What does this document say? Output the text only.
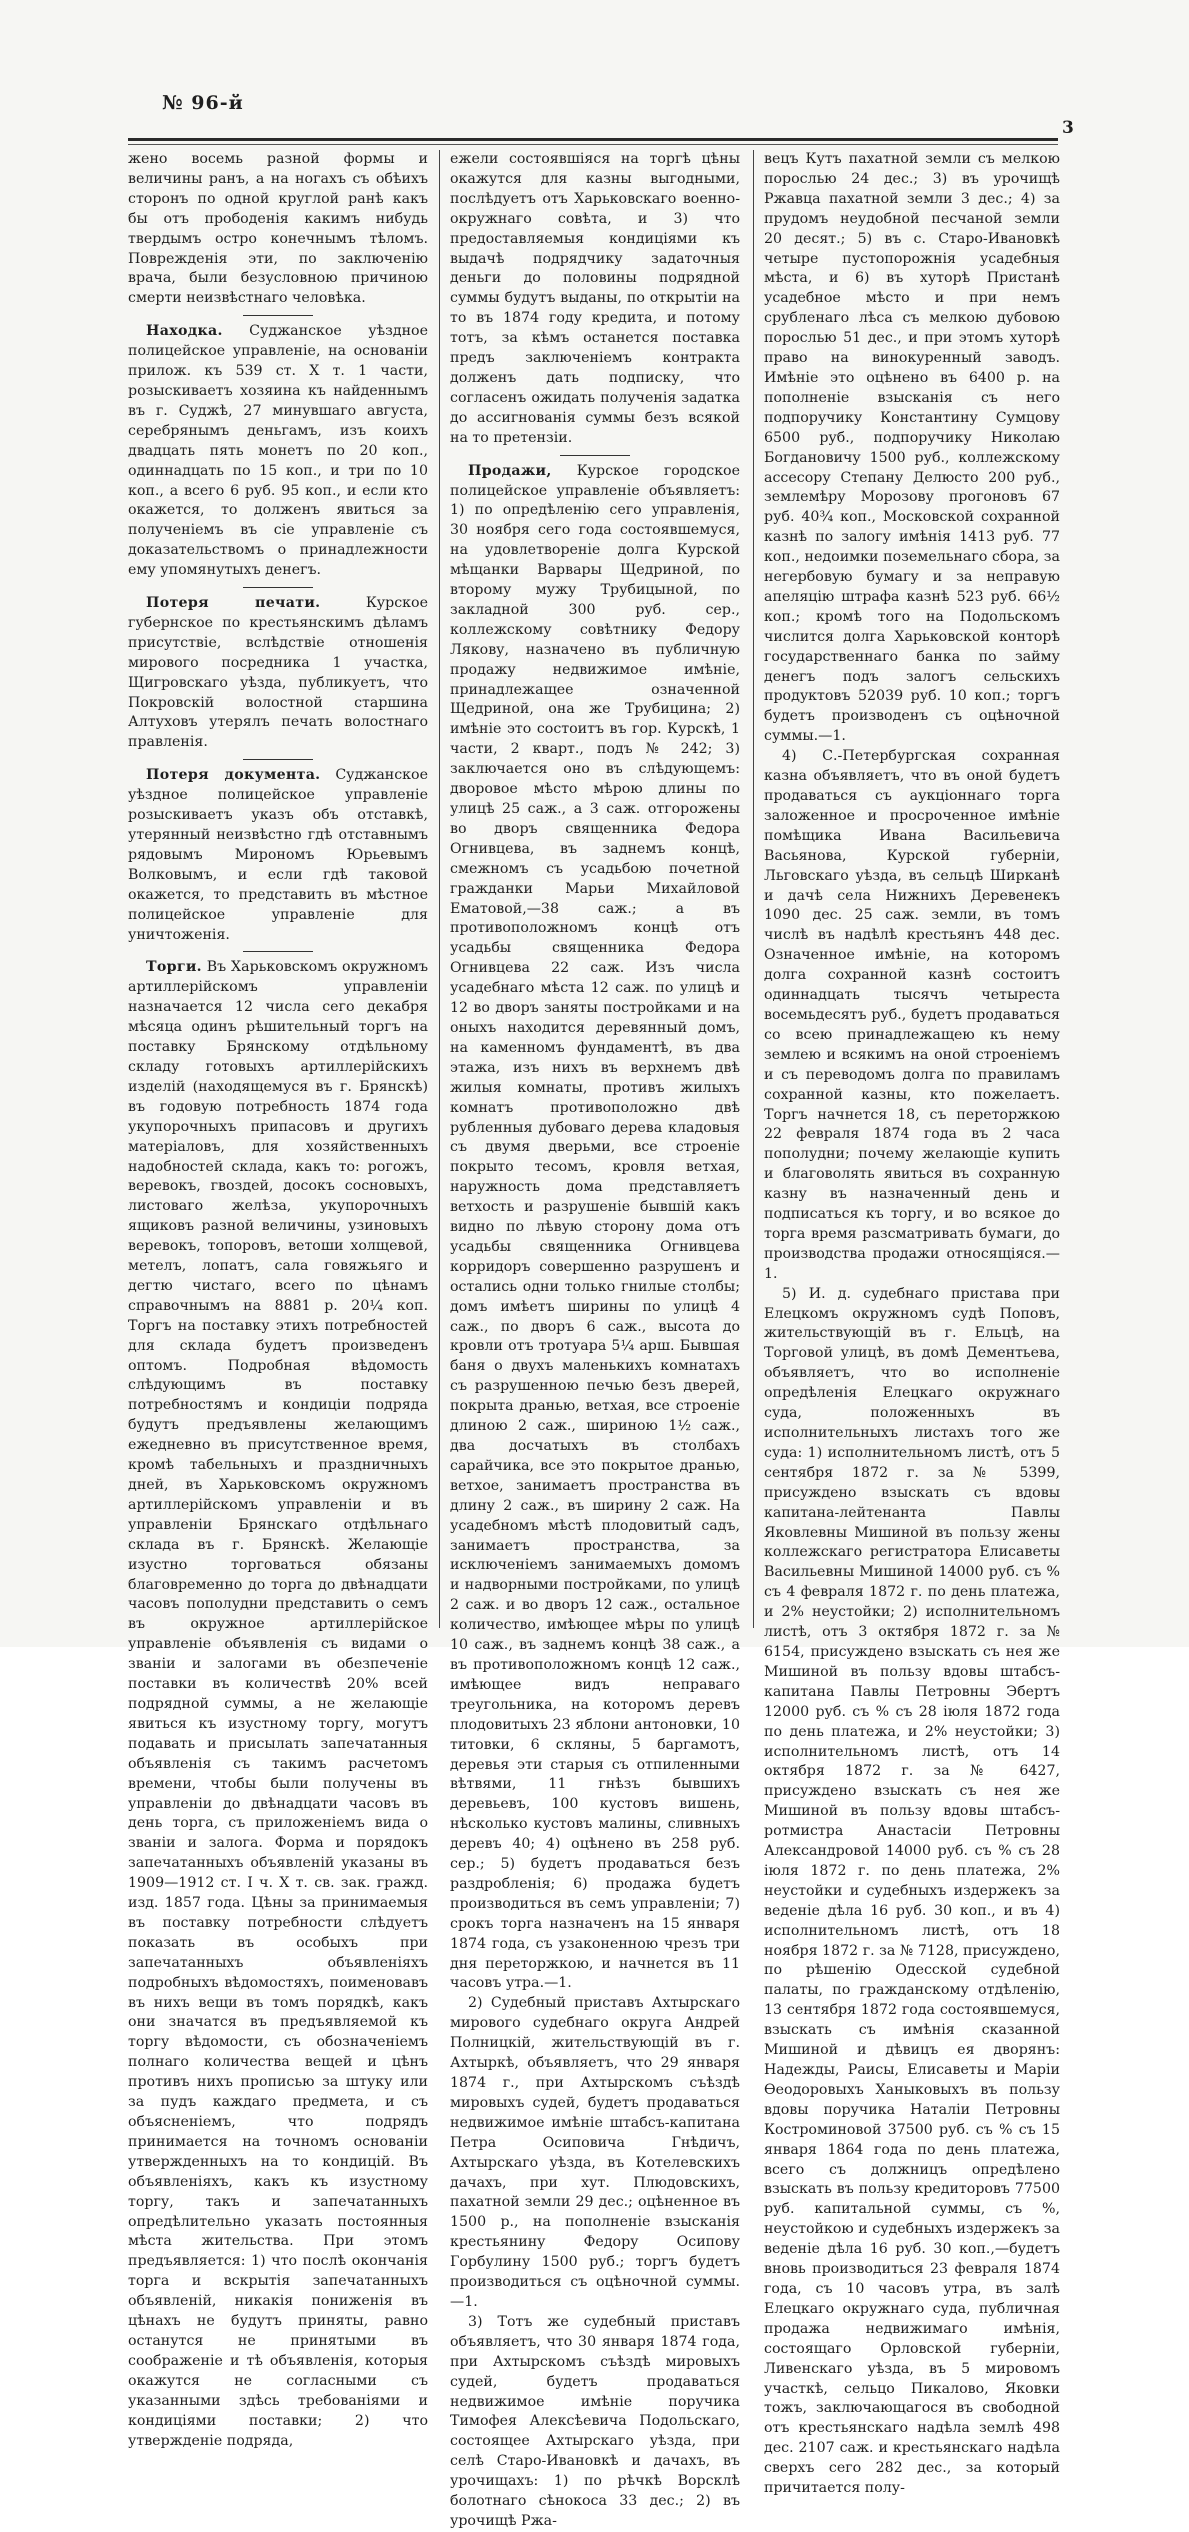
№ 96-й
3

жено восемь разной формы и величины ранъ, а на ногахъ съ обѣихъ сторонъ по одной круглой ранѣ какъ бы отъ прободенія какимъ нибудь твердымъ остро конечнымъ тѣломъ. Поврежденія эти, по заключенію врача, были безусловною причиною смерти неизвѣстнаго человѣка.

Находка. Суджанское уѣздное полицейское управленіе, на основаніи прилож. къ 539 ст. X т. 1 части, розыскиваетъ хозяина къ найденнымъ въ г. Суджѣ, 27 минувшаго августа, серебрянымъ деньгамъ, изъ коихъ двадцать пять монетъ по 20 коп., одиннадцать по 15 коп., и три по 10 коп., а всего 6 руб. 95 коп., и если кто окажется, то долженъ явиться за полученіемъ въ сіе управленіе съ доказательствомъ о принадлежности ему упомянутыхъ денегъ.

Потеря печати. Курское губернское по крестьянскимъ дѣламъ присутствіе, вслѣдствіе отношенія мирового посредника 1 участка, Щигровскаго уѣзда, публикуетъ, что Покровскій волостной старшина Алтуховъ утерялъ печать волостнаго правленія.

Потеря документа. Суджанское уѣздное полицейское управленіе розыскиваетъ указъ объ отставкѣ, утерянный неизвѣстно гдѣ отставнымъ рядовымъ Мирономъ Юрьевымъ Волковымъ, и если гдѣ таковой окажется, то представить въ мѣстное полицейское управленіе для уничтоженія.

Торги. Въ Харьковскомъ окружномъ артиллерійскомъ управленіи назначается 12 числа сего декабря мѣсяца одинъ рѣшительный торгъ на поставку Брянскому отдѣльному складу готовыхъ артиллерійскихъ изделій (находящемуся въ г. Брянскѣ) въ годовую потребность 1874 года укупорочныхъ припасовъ и другихъ матеріаловъ, для хозяйственныхъ надобностей склада, какъ то: рогожъ, веревокъ, гвоздей, досокъ сосновыхъ, листоваго желѣза, укупорочныхъ ящиковъ разной величины, узиновыхъ веревокъ, топоровъ, ветоши холщевой, метелъ, лопатъ, сала говяжьяго и дегтю чистаго, всего по цѣнамъ справочнымъ на 8881 р. 20¼ коп. Торгъ на поставку этихъ потребностей для склада будетъ произведенъ оптомъ. Подробная вѣдомость слѣдующимъ въ поставку потребностямъ и кондиціи подряда будутъ предъявлены желающимъ ежедневно въ присутственное время, кромѣ табельныхъ и праздничныхъ дней, въ Харьковскомъ окружномъ артиллерійскомъ управленіи и въ управленіи Брянскаго отдѣльнаго склада въ г. Брянскѣ. Желающіе изустно торговаться обязаны благовременно до торга до двѣнадцати часовъ пополудни представить о семъ въ окружное артиллерійское управленіе объявленія съ видами о званіи и залогами въ обезпеченіе поставки въ количествѣ 20% всей подрядной суммы, а не желающіе явиться къ изустному торгу, могутъ подавать и присылать запечатанныя объявленія съ такимъ расчетомъ времени, чтобы были получены въ управленіи до двѣнадцати часовъ въ день торга, съ приложеніемъ вида о званіи и залога. Форма и порядокъ запечатанныхъ объявленій указаны въ 1909—1912 ст. I ч. X т. св. зак. гражд. изд. 1857 года. Цѣны за принимаемыя въ поставку потребности слѣдуетъ показать въ особыхъ при запечатанныхъ объявленіяхъ подробныхъ вѣдомостяхъ, поименовавъ въ нихъ вещи въ томъ порядкѣ, какъ они значатся въ предъявляемой къ торгу вѣдомости, съ обозначеніемъ полнаго количества вещей и цѣнъ противъ нихъ прописью за штуку или за пудъ каждаго предмета, и съ объясненіемъ, что подрядъ принимается на точномъ основаніи утвержденныхъ на то кондицій. Въ объявленіяхъ, какъ къ изустному торгу, такъ и запечатанныхъ опредѣлительно указать постоянныя мѣста жительства. При этомъ предъявляется: 1) что послѣ окончанія торга и вскрытія запечатанныхъ объявленій, никакія пониженія въ цѣнахъ не будутъ приняты, равно останутся не принятыми въ соображеніе и тѣ объявленія, которыя окажутся не согласными съ указанными здѣсь требованіями и кондиціями поставки; 2) что утвержденіе подряда,

ежели состоявшіяся на торгѣ цѣны окажутся для казны выгодными, послѣдуетъ отъ Харьковскаго военно-окружнаго совѣта, и 3) что предоставляемыя кондиціями къ выдачѣ подрядчику задаточныя деньги до половины подрядной суммы будутъ выданы, по открытіи на то въ 1874 году кредита, и потому тотъ, за кѣмъ останется поставка предъ заключеніемъ контракта долженъ дать подписку, что согласенъ ожидать полученія задатка до ассигнованія суммы безъ всякой на то претензіи.

Продажи, Курское городское полицейское управленіе объявляетъ: 1) по опредѣленію сего управленія, 30 ноября сего года состоявшемуся, на удовлетвореніе долга Курской мѣщанки Варвары Щедриной, по второму мужу Трубицыной, по закладной 300 руб. сер., коллежскому совѣтнику Федору Лякову, назначено въ публичную продажу недвижимое имѣніе, принадлежащее означенной Щедриной, она же Трубицина; 2) имѣніе это состоитъ въ гор. Курскѣ, 1 части, 2 кварт., подъ № 242; 3) заключается оно въ слѣдующемъ: дворовое мѣсто мѣрою длины по улицѣ 25 саж., а 3 саж. отгорожены во дворъ священника Федора Огнивцева, въ заднемъ концѣ, смежномъ съ усадьбою почетной гражданки Марьи Михайловой Ематовой,—38 саж.; а въ противоположномъ концѣ отъ усадьбы священника Федора Огнивцева 22 саж. Изъ числа усадебнаго мѣста 12 саж. по улицѣ и 12 во дворъ заняты постройками и на оныхъ находится деревянный домъ, на каменномъ фундаментѣ, въ два этажа, изъ нихъ въ верхнемъ двѣ жилыя комнаты, противъ жилыхъ комнатъ противоположно двѣ рубленныя дубоваго дерева кладовыя съ двумя дверьми, все строеніе покрыто тесомъ, кровля ветхая, наружность дома представляетъ ветхость и разрушеніе бывшій какъ видно по лѣвую сторону дома отъ усадьбы священника Огнивцева корридоръ совершенно разрушенъ и остались одни только гнилые столбы; домъ имѣетъ ширины по улицѣ 4 саж., по дворъ 6 саж., высота до кровли отъ тротуара 5¼ арш. Бывшая баня о двухъ маленькихъ комнатахъ съ разрушенною печью безъ дверей, покрыта дранью, ветхая, все строеніе длиною 2 саж., шириною 1½ саж., два досчатыхъ въ столбахъ сарайчика, все это покрытое дранью, ветхое, занимаетъ пространства въ длину 2 саж., въ ширину 2 саж. На усадебномъ мѣстѣ плодовитый садъ, занимаетъ пространства, за исключеніемъ занимаемыхъ домомъ и надворными постройками, по улицѣ 2 саж. и во дворъ 12 саж., остальное количество, имѣющее мѣры по улицѣ 10 саж., въ заднемъ концѣ 38 саж., а въ противоположномъ концѣ 12 саж., имѣющее видъ неправаго треугольника, на которомъ деревъ плодовитыхъ 23 яблони антоновки, 10 титовки, 6 скляны, 5 баргамотъ, деревья эти старыя съ отпиленными вѣтвями, 11 гнѣзъ бывшихъ деревьевъ, 100 кустовъ вишень, нѣсколько кустовъ малины, сливныхъ деревъ 40; 4) оцѣнено въ 258 руб. сер.; 5) будетъ продаваться безъ раздробленія; 6) продажа будетъ производиться въ семъ управленіи; 7) срокъ торга назначенъ на 15 января 1874 года, съ узаконенною чрезъ три дня переторжкою, и начнется въ 11 часовъ утра.—1.

2) Судебный приставъ Ахтырскаго мирового судебнаго округа Андрей Полницкій, жительствующій въ г. Ахтыркѣ, объявляетъ, что 29 января 1874 г., при Ахтырскомъ съѣздѣ мировыхъ судей, будетъ продаваться недвижимое имѣніе штабсъ-капитана Петра Осиповича Гнѣдичъ, Ахтырскаго уѣзда, въ Котелевскихъ дачахъ, при хут. Плюдовскихъ, пахатной земли 29 дес.; оцѣненное въ 1500 р., на пополненіе взысканія крестьянину Федору Осипову Горбулину 1500 руб.; торгъ будетъ производиться съ оцѣночной суммы.—1.

3) Тотъ же судебный приставъ объявляетъ, что 30 января 1874 года, при Ахтырскомъ съѣздѣ мировыхъ судей, будетъ продаваться недвижимое имѣніе поручика Тимофея Алексѣевича Подольскаго, состоящее Ахтырскаго уѣзда, при селѣ Старо-Ивановкѣ и дачахъ, въ урочищахъ: 1) по рѣчкѣ Ворсклѣ болотнаго сѣнокоса 33 дес.; 2) въ урочищѣ Ржа-

вецъ Кутъ пахатной земли съ мелкою порослью 24 дес.; 3) въ урочищѣ Ржавца пахатной земли 3 дес.; 4) за прудомъ неудобной песчаной земли 20 десят.; 5) въ с. Старо-Ивановкѣ четыре пустопорожнія усадебныя мѣста, и 6) въ хуторѣ Пристанѣ усадебное мѣсто и при немъ срубленаго лѣса съ мелкою дубовою порослью 51 дес., и при этомъ хуторѣ право на винокуренный заводъ. Имѣніе это оцѣнено въ 6400 р. на пополненіе взысканія съ него подпоручику Константину Сумцову 6500 руб., подпоручику Николаю Богдановичу 1500 руб., коллежскому ассесору Степану Делюсто 200 руб., землемѣру Морозову прогоновъ 67 руб. 40¾ коп., Московской сохранной казнѣ по залогу имѣнія 1413 руб. 77 коп., недоимки поземельнаго сбора, за негербовую бумагу и за неправую апеляцію штрафа казнѣ 523 руб. 66½ коп.; кромѣ того на Подольскомъ числится долга Харьковской конторѣ государственнаго банка по займу денегъ подъ залогъ сельскихъ продуктовъ 52039 руб. 10 коп.; торгъ будетъ производенъ съ оцѣночной суммы.—1.

4) С.-Петербургская сохранная казна объявляетъ, что въ оной будетъ продаваться съ аукціоннаго торга заложенное и просроченное имѣніе помѣщика Ивана Васильевича Васьянова, Курской губерніи, Льговскаго уѣзда, въ сельцѣ Ширканѣ и дачѣ села Нижнихъ Деревенекъ 1090 дес. 25 саж. земли, въ томъ числѣ въ надѣлѣ крестьянъ 448 дес. Означенное имѣніе, на которомъ долга сохранной казнѣ состоитъ одиннадцать тысячъ четыреста восемьдесятъ руб., будетъ продаваться со всею принадлежащею къ нему землею и всякимъ на оной строеніемъ и съ переводомъ долга по правиламъ сохранной казны, кто пожелаетъ. Торгъ начнется 18, съ переторжкою 22 февраля 1874 года въ 2 часа пополудни; почему желающіе купить и благоволять явиться въ сохранную казну въ назначенный день и подписаться къ торгу, и во всякое до торга время разсматривать бумаги, до производства продажи относящіяся.—1.

5) И. д. судебнаго пристава при Елецкомъ окружномъ судѣ Поповъ, жительствующій въ г. Ельцѣ, на Торговой улицѣ, въ домѣ Дементьева, объявляетъ, что во исполненіе опредѣленія Елецкаго окружнаго суда, положенныхъ въ исполнительныхъ листахъ того же суда: 1) исполнительномъ листѣ, отъ 5 сентября 1872 г. за № 5399, присуждено взыскать съ вдовы капитана-лейтенанта Павлы Яковлевны Мишиной въ пользу жены коллежскаго регистратора Елисаветы Васильевны Мишиной 14000 руб. съ % съ 4 февраля 1872 г. по день платежа, и 2% неустойки; 2) исполнительномъ листѣ, отъ 3 октября 1872 г. за № 6154, присуждено взыскать съ нея же Мишиной въ пользу вдовы штабсъ-капитана Павлы Петровны Эбертъ 12000 руб. съ % съ 28 іюля 1872 года по день платежа, и 2% неустойки; 3) исполнительномъ листѣ, отъ 14 октября 1872 г. за № 6427, присуждено взыскать съ нея же Мишиной въ пользу вдовы штабсъ-ротмистра Анастасіи Петровны Александровой 14000 руб. съ % съ 28 іюля 1872 г. по день платежа, 2% неустойки и судебныхъ издержекъ за веденіе дѣла 16 руб. 30 коп., и въ 4) исполнительномъ листѣ, отъ 18 ноября 1872 г. за № 7128, присуждено, по рѣшенію Одесской судебной палаты, по гражданскому отдѣленію, 13 сентября 1872 года состоявшемуся, взыскать съ имѣнія сказанной Мишиной и дѣвицъ ея дворянъ: Надежды, Раисы, Елисаветы и Маріи Ѳеодоровыхъ Ханыковыхъ въ пользу вдовы поручика Наталіи Петровны Костроминовой 37500 руб. съ % съ 15 января 1864 года по день платежа, всего съ должницъ опредѣлено взыскать въ пользу кредиторовъ 77500 руб. капитальной суммы, съ %, неустойкою и судебныхъ издержекъ за веденіе дѣла 16 руб. 30 коп.,—будетъ вновь производиться 23 февраля 1874 года, съ 10 часовъ утра, въ залѣ Елецкаго окружнаго суда, публичная продажа недвижимаго имѣнія, состоящаго Орловской губерніи, Ливенскаго уѣзда, въ 5 мировомъ участкѣ, сельцо Пикалово, Яковки тожъ, заключающагося въ свободной отъ крестьянскаго надѣла землѣ 498 дес. 2107 саж. и крестьянскаго надѣла сверхъ сего 282 дес., за который причитается полу-
